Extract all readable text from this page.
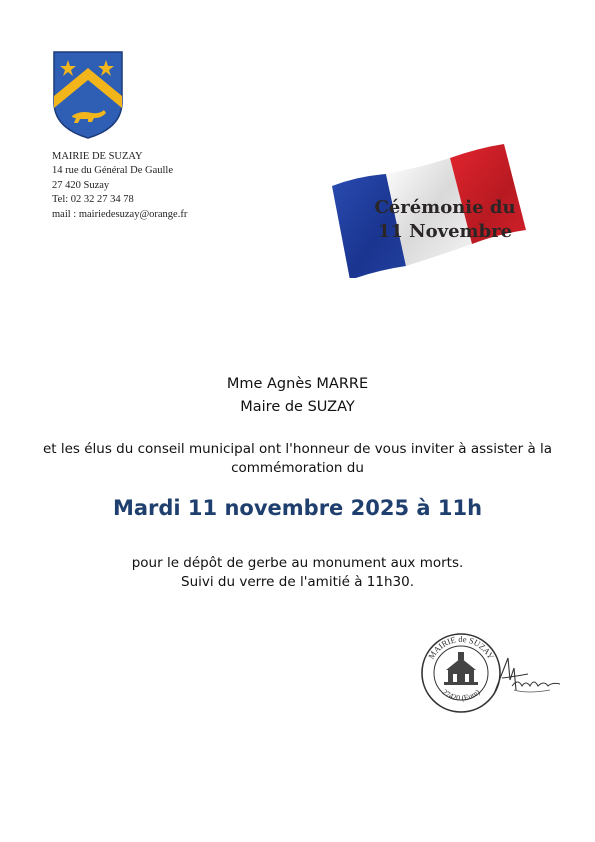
MAIRIE DE SUZAY
14 rue du Général De Gaulle
27 420 Suzay
Tel: 02 32 27 34 78
mail : mairiedesuzay@orange.fr	Cérémonie du
11 Novembre
Mme Agnès MARRE
Maire de SUZAY
et les élus du conseil municipal ont l'honneur de vous inviter à assister à la
commémoration du
Mardi 11 novembre 2025 à 11h
pour le dépôt de gerbe au monument aux morts.
Suivi du verre de l'amitié à 11h30.
MAIRIE de SUZAY
27420 (Eure)
